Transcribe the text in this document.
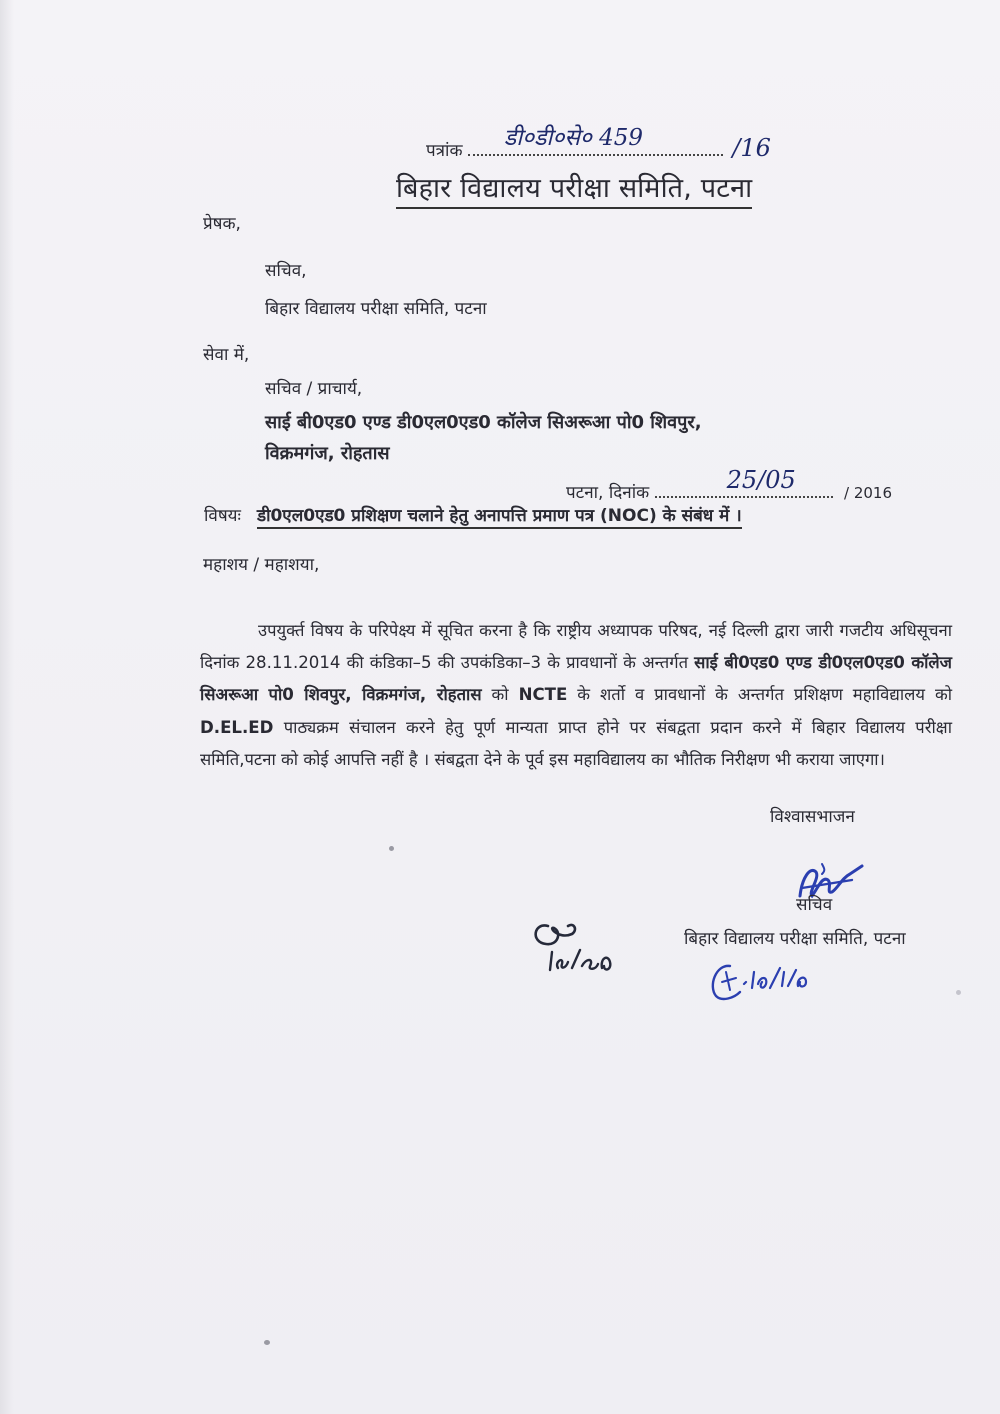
पत्रांक डी०डी०से० 459	/16
बिहार विद्यालय परीक्षा समिति, पटना
प्रेषक,
सचिव,
बिहार विद्यालय परीक्षा समिति, पटना
सेवा में,
सचिव / प्राचार्य,
साई बी0एड0 एण्ड डी0एल0एड0 कॉलेज सिअरूआ पो0 शिवपुर,
विक्रमगंज, रोहतास
पटना, दिनांक	25/05	/ 2016
विषयः डी0एल0एड0 प्रशिक्षण चलाने हेतु अनापत्ति प्रमाण पत्र (NOC) के संबंध में ।
महाशय / महाशया,

उपयुर्क्त विषय के परिपेक्ष्य में सूचित करना है कि राष्ट्रीय अध्यापक परिषद, नई दिल्ली द्वारा जारी गजटीय अधिसूचना दिनांक 28.11.2014 की कंडिका–5 की उपकंडिका–3 के प्रावधानों के अन्तर्गत साई बी0एड0 एण्ड डी0एल0एड0 कॉलेज सिअरूआ पो0 शिवपुर, विक्रमगंज, रोहतास को NCTE के शर्तो व प्रावधानों के अन्तर्गत प्रशिक्षण महाविद्यालय को D.EL.ED पाठ्यक्रम संचालन करने हेतु पूर्ण मान्यता प्राप्त होने पर संबद्वता प्रदान करने में बिहार विद्यालय परीक्षा समिति,पटना को कोई आपत्ति नहीं है । संबद्वता देने के पूर्व इस महाविद्यालय का भौतिक निरीक्षण भी कराया जाएगा।

विश्वासभाजन
सचिव
बिहार विद्यालय परीक्षा समिति, पटना
